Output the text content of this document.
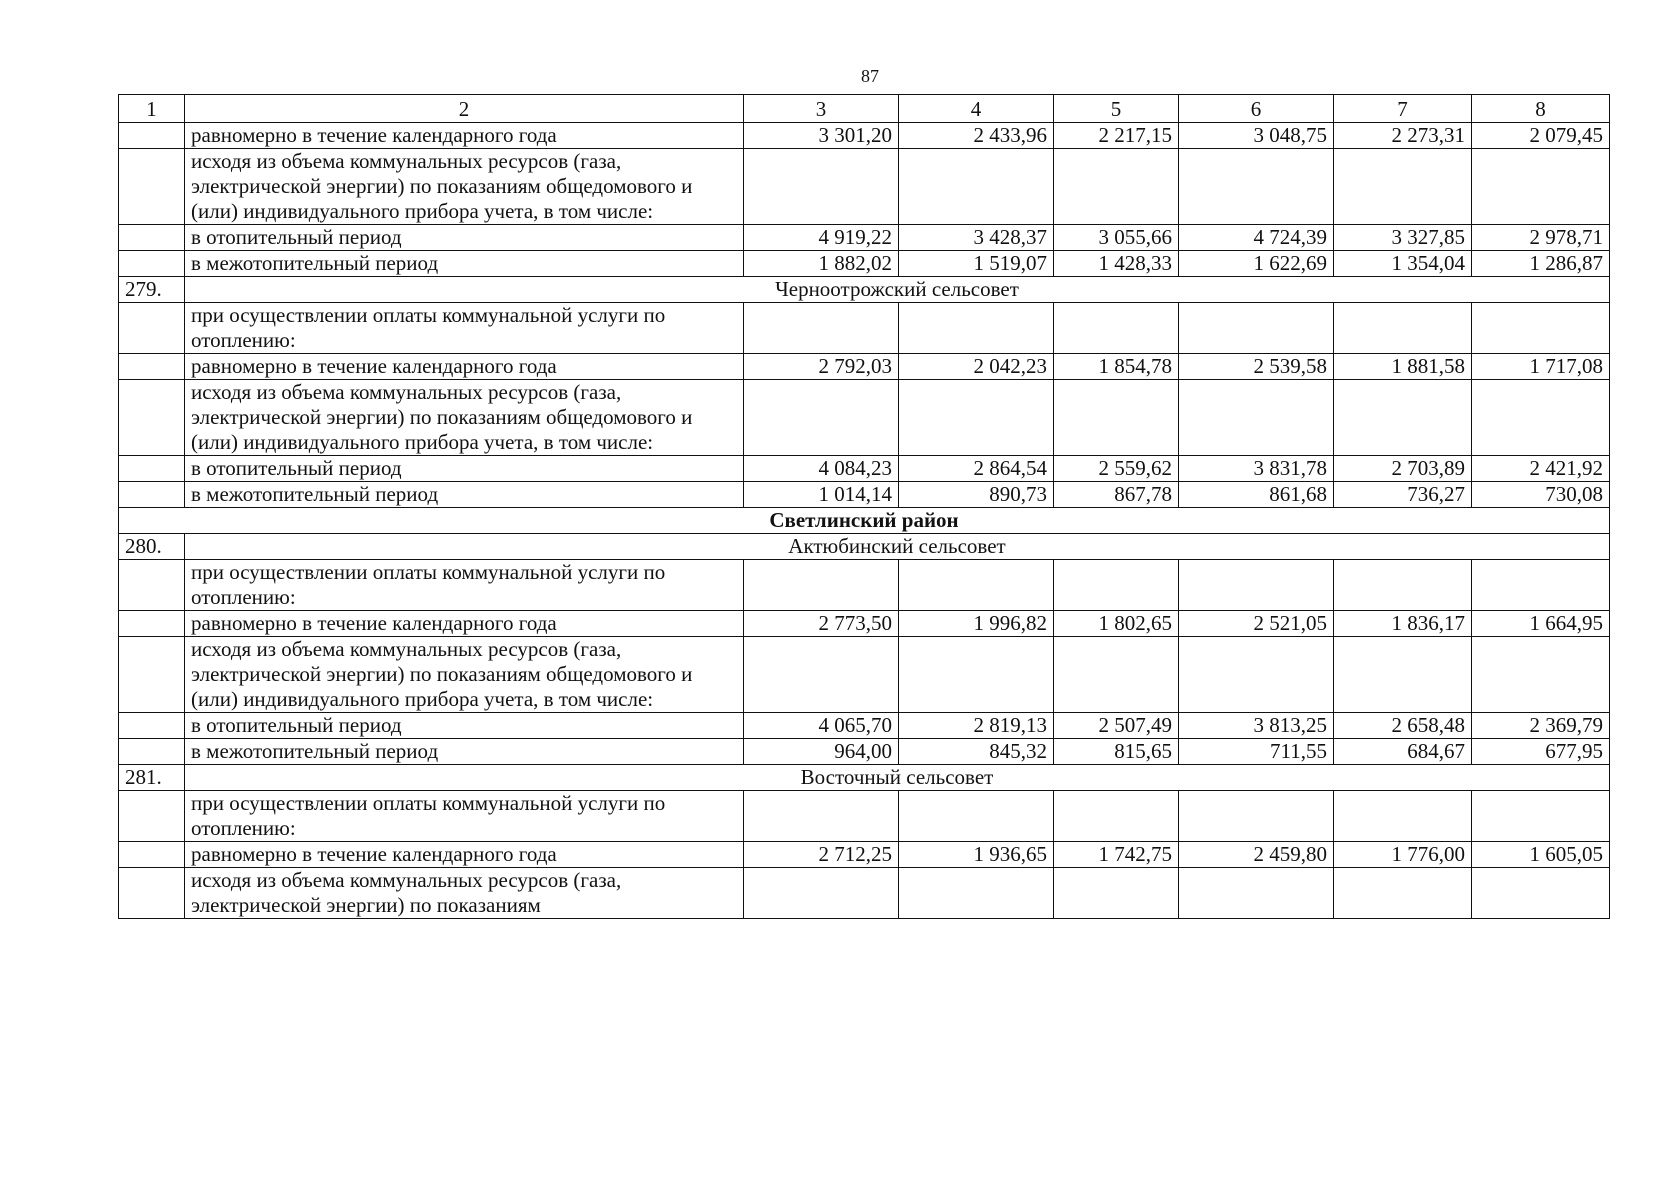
87
1	2	3	4	5	6	7	8
	равномерно в течение календарного года	3 301,20	2 433,96	2 217,15	3 048,75	2 273,31	2 079,45
	исходя из объема коммунальных ресурсов (газа, электрической энергии) по показаниям общедомового и (или) индивидуального прибора учета, в том числе:						
	в отопительный период	4 919,22	3 428,37	3 055,66	4 724,39	3 327,85	2 978,71
	в межотопительный период	1 882,02	1 519,07	1 428,33	1 622,69	1 354,04	1 286,87
279.	Черноотрожский сельсовет						
	при осуществлении оплаты коммунальной услуги по отоплению:						
	равномерно в течение календарного года	2 792,03	2 042,23	1 854,78	2 539,58	1 881,58	1 717,08
	исходя из объема коммунальных ресурсов (газа, электрической энергии) по показаниям общедомового и (или) индивидуального прибора учета, в том числе:						
	в отопительный период	4 084,23	2 864,54	2 559,62	3 831,78	2 703,89	2 421,92
	в межотопительный период	1 014,14	890,73	867,78	861,68	736,27	730,08
Светлинский район							
280.	Актюбинский сельсовет						
	при осуществлении оплаты коммунальной услуги по отоплению:						
	равномерно в течение календарного года	2 773,50	1 996,82	1 802,65	2 521,05	1 836,17	1 664,95
	исходя из объема коммунальных ресурсов (газа, электрической энергии) по показаниям общедомового и (или) индивидуального прибора учета, в том числе:						
	в отопительный период	4 065,70	2 819,13	2 507,49	3 813,25	2 658,48	2 369,79
	в межотопительный период	964,00	845,32	815,65	711,55	684,67	677,95
281.	Восточный сельсовет						
	при осуществлении оплаты коммунальной услуги по отоплению:						
	равномерно в течение календарного года	2 712,25	1 936,65	1 742,75	2 459,80	1 776,00	1 605,05
	исходя из объема коммунальных ресурсов (газа, электрической энергии) по показаниям						
